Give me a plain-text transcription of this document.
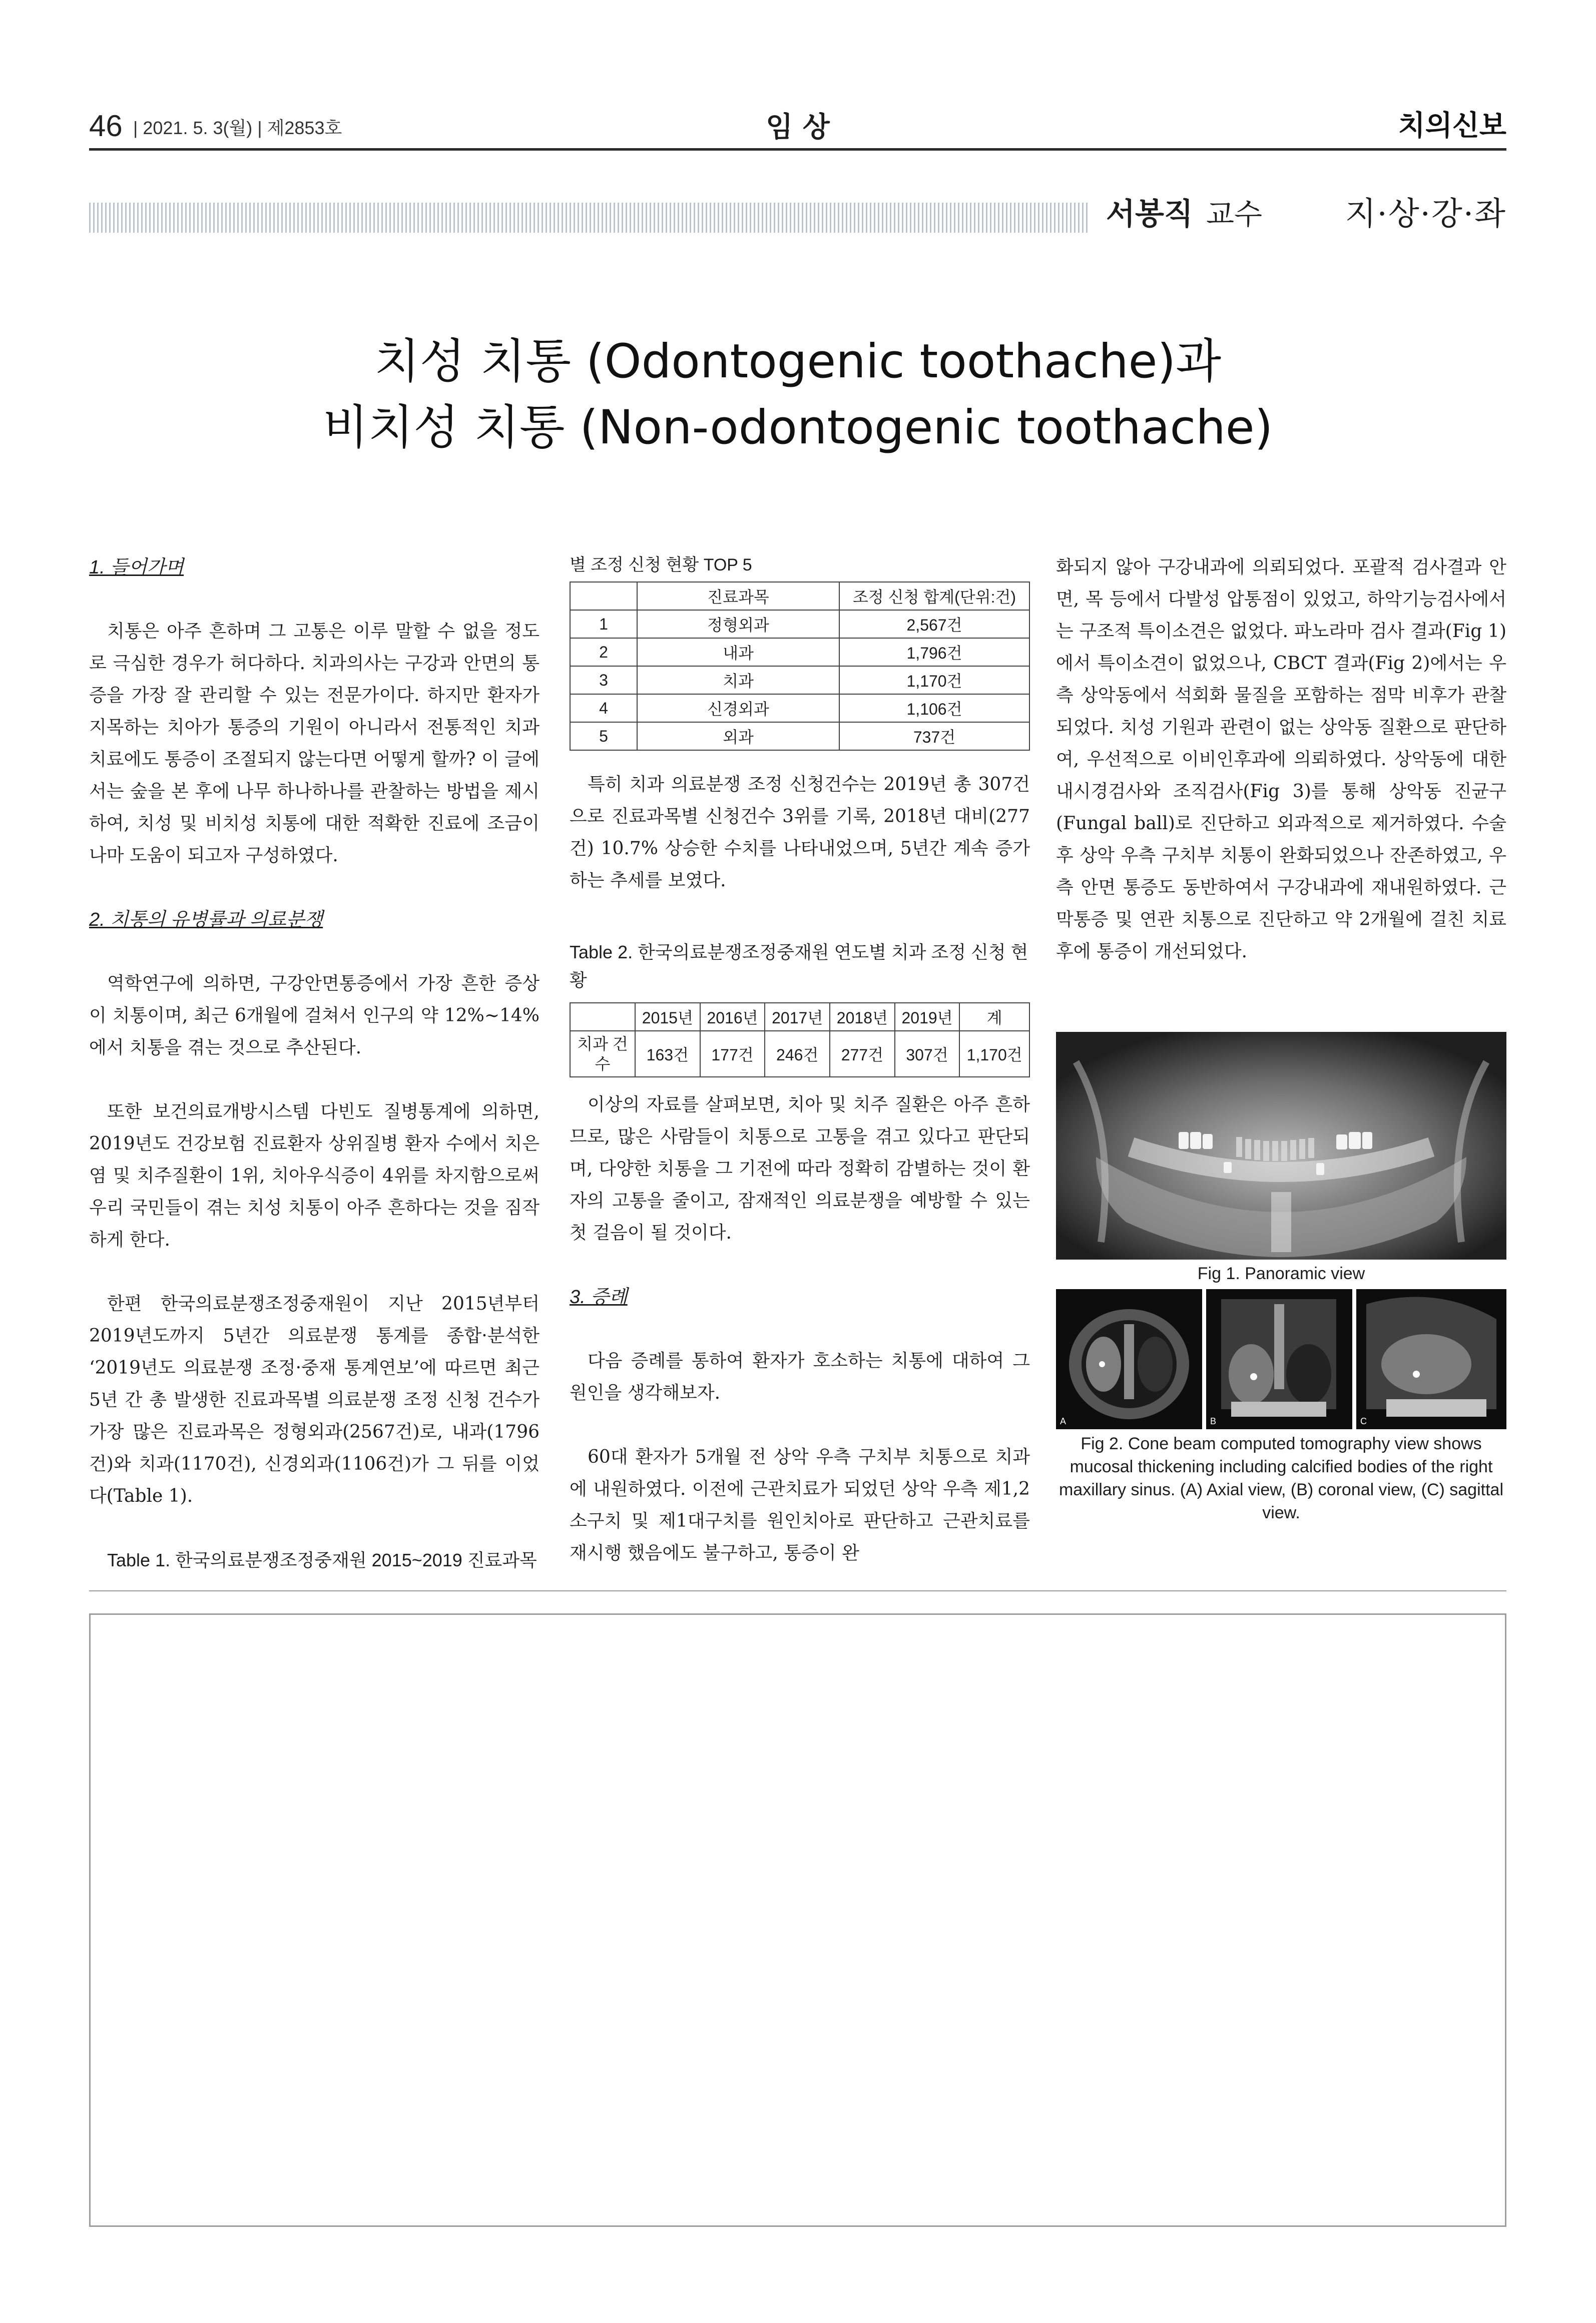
46 | 2021. 5. 3(월) | 제2853호	임 상	치의신보
서봉직 교수	지·상·강·좌
치성 치통 (Odontogenic toothache)과
비치성 치통 (Non-odontogenic toothache)

1. 들어가며

치통은 아주 흔하며 그 고통은 이루 말할 수 없을 정도로 극심한 경우가 허다하다. 치과의사는 구강과 안면의 통증을 가장 잘 관리할 수 있는 전문가이다. 하지만 환자가 지목하는 치아가 통증의 기원이 아니라서 전통적인 치과치료에도 통증이 조절되지 않는다면 어떻게 할까? 이 글에서는 숲을 본 후에 나무 하나하나를 관찰하는 방법을 제시하여, 치성 및 비치성 치통에 대한 적확한 진료에 조금이나마 도움이 되고자 구성하였다.

2. 치통의 유병률과 의료분쟁

역학연구에 의하면, 구강안면통증에서 가장 흔한 증상이 치통이며, 최근 6개월에 걸쳐서 인구의 약 12%~14%에서 치통을 겪는 것으로 추산된다.

또한 보건의료개방시스템 다빈도 질병통계에 의하면, 2019년도 건강보험 진료환자 상위질병 환자 수에서 치은염 및 치주질환이 1위, 치아우식증이 4위를 차지함으로써 우리 국민들이 겪는 치성 치통이 아주 흔하다는 것을 짐작하게 한다.

한편 한국의료분쟁조정중재원이 지난 2015년부터 2019년도까지 5년간 의료분쟁 통계를 종합·분석한 ‘2019년도 의료분쟁 조정·중재 통계연보’에 따르면 최근 5년 간 총 발생한 진료과목별 의료분쟁 조정 신청 건수가 가장 많은 진료과목은 정형외과(2567건)로, 내과(1796건)와 치과(1170건), 신경외과(1106건)가 그 뒤를 이었다(Table 1).

Table 1. 한국의료분쟁조정중재원 2015~2019 진료과목

별 조정 신청 현황 TOP 5
	진료과목	조정 신청 합계(단위:건)
1	정형외과	2,567건
2	내과	1,796건
3	치과	1,170건
4	신경외과	1,106건
5	외과	737건

특히 치과 의료분쟁 조정 신청건수는 2019년 총 307건으로 진료과목별 신청건수 3위를 기록, 2018년 대비(277건) 10.7% 상승한 수치를 나타내었으며, 5년간 계속 증가하는 추세를 보였다.

Table 2. 한국의료분쟁조정중재원 연도별 치과 조정 신청 현황
	2015년	2016년	2017년	2018년	2019년	계
치과 건수	163건	177건	246건	277건	307건	1,170건

이상의 자료를 살펴보면, 치아 및 치주 질환은 아주 흔하므로, 많은 사람들이 치통으로 고통을 겪고 있다고 판단되며, 다양한 치통을 그 기전에 따라 정확히 감별하는 것이 환자의 고통을 줄이고, 잠재적인 의료분쟁을 예방할 수 있는 첫 걸음이 될 것이다.

3. 증례

다음 증례를 통하여 환자가 호소하는 치통에 대하여 그 원인을 생각해보자.

60대 환자가 5개월 전 상악 우측 구치부 치통으로 치과에 내원하였다. 이전에 근관치료가 되었던 상악 우측 제1,2소구치 및 제1대구치를 원인치아로 판단하고 근관치료를 재시행 했음에도 불구하고, 통증이 완

화되지 않아 구강내과에 의뢰되었다. 포괄적 검사결과 안면, 목 등에서 다발성 압통점이 있었고, 하악기능검사에서는 구조적 특이소견은 없었다. 파노라마 검사 결과(Fig 1)에서 특이소견이 없었으나, CBCT 결과(Fig 2)에서는 우측 상악동에서 석회화 물질을 포함하는 점막 비후가 관찰되었다. 치성 기원과 관련이 없는 상악동 질환으로 판단하여, 우선적으로 이비인후과에 의뢰하였다. 상악동에 대한 내시경검사와 조직검사(Fig 3)를 통해 상악동 진균구(Fungal ball)로 진단하고 외과적으로 제거하였다. 수술 후 상악 우측 구치부 치통이 완화되었으나 잔존하였고, 우측 안면 통증도 동반하여서 구강내과에 재내원하였다. 근막통증 및 연관 치통으로 진단하고 약 2개월에 걸친 치료 후에 통증이 개선되었다.

Fig 1. Panoramic view
A	B	C
Fig 2. Cone beam computed tomography view shows mucosal thickening including calcified bodies of the right maxillary sinus. (A) Axial view, (B) coronal view, (C) sagittal view.
